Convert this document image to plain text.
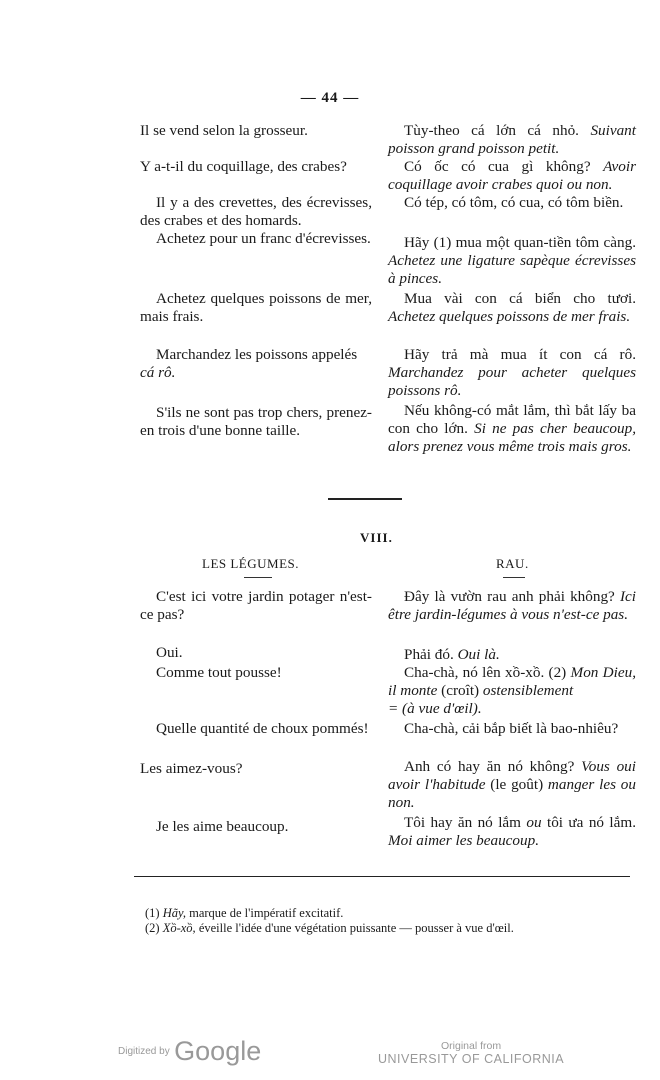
— 44 —

Il se vend selon la grosseur.

Y a-t-il du coquillage, des crabes?

Il y a des crevettes, des écrevisses, des crabes et des homards.

Achetez pour un franc d'écrevisses.

Achetez quelques poissons de mer, mais frais.

Marchandez les poissons appelés
cá rô.

S'ils ne sont pas trop chers, prenez-en trois d'une bonne taille.

Tùy-theo cá lớn cá nhỏ. Suivant poisson grand poisson petit.

Có ốc có cua gì không? Avoir coquillage avoir crabes quoi ou non.

Có tép, có tôm, có cua, có tôm biền.

Hãy (1) mua một quan-tiền tôm càng. Achetez une ligature sapèque écrevisses à pinces.

Mua vài con cá biển cho tươi. Achetez quelques poissons de mer frais.

Hãy trả mà mua ít con cá rô. Marchandez pour acheter quelques poissons rô.

Nếu không-có mắt lắm, thì bắt lấy ba con cho lớn. Si ne pas cher beaucoup, alors prenez vous même trois mais gros.

VIII.
LES LÉGUMES.	RAU.

C'est ici votre jardin potager n'est-ce pas?

Oui.

Comme tout pousse!

Quelle quantité de choux pommés!

Les aimez-vous?

Je les aime beaucoup.

Đây là vườn rau anh phải không? Ici être jardin-légumes à vous n'est-ce pas.

Phải đó. Oui là.

Cha-chà, nó lên xồ-xồ. (2) Mon Dieu, il monte (croît) ostensiblement
= (à vue d'œil).

Cha-chà, cải bắp biết là bao-nhiêu?

Anh có hay ăn nó không? Vous oui avoir l'habitude (le goût) manger les ou non.

Tôi hay ăn nó lắm ou tôi ưa nó lắm. Moi aimer les beaucoup.

(1) Hãy, marque de l'impératif excitatif.

(2) Xồ-xồ, éveille l'idée d'une végétation puissante — pousser à vue d'œil.

Digitized by Google	Original from
UNIVERSITY OF CALIFORNIA
